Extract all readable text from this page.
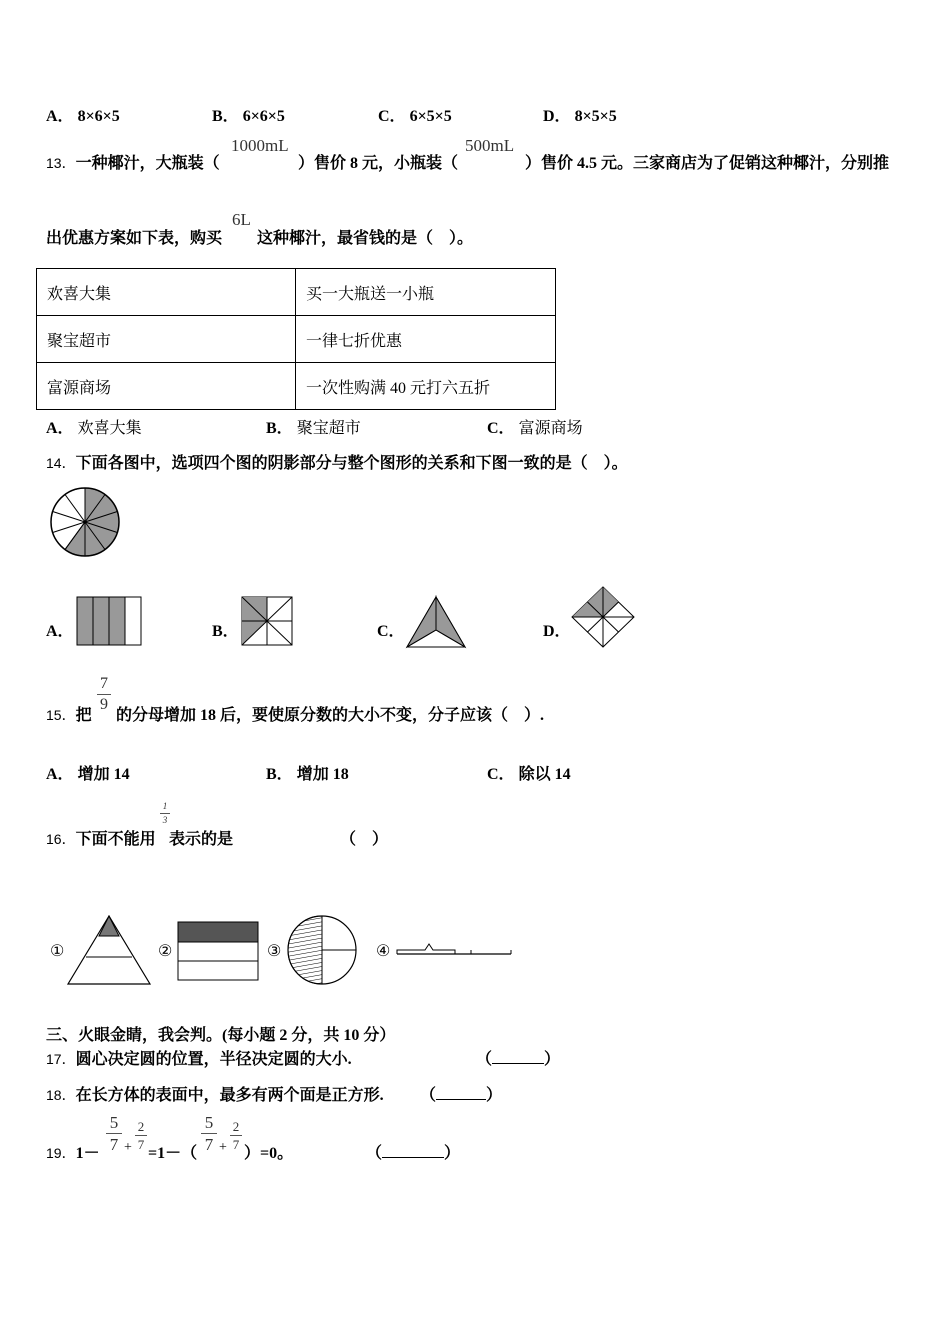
A． 8×6×5	B． 6×6×5	C． 6×5×5	D． 8×5×5
13．一种椰汁，大瓶装（
1000mL
）售价 8 元，小瓶装（
500mL
）售价 4.5 元。三家商店为了促销这种椰汁，分别推
出优惠方案如下表，购买
6L
这种椰汁，最省钱的是（　）。
欢喜大集	买一大瓶送一小瓶
聚宝超市	一律七折优惠
富源商场	一次性购满 40 元打六五折
A． 欢喜大集	B． 聚宝超市	C． 富源商场
14．下面各图中，选项四个图的阴影部分与整个图形的关系和下图一致的是（　）。
A．	B．	C．	D．
15．把
7
9
的分母增加 18 后，要使原分数的大小不变，分子应该（　）.
A． 增加 14	B． 增加 18	C． 除以 14
16．下面不能用
1
3
表示的是	（　）
①	②	③	④
三、火眼金睛，我会判。(每小题 2 分，共 10 分）
17．圆心决定圆的位置，半径决定圆的大小.	（	）
18．在长方体的表面中，最多有两个面是正方形. （	）
19．1－
5
7 +
2
7
=1－（
5
7 +
2
7
）=0。	（	）
